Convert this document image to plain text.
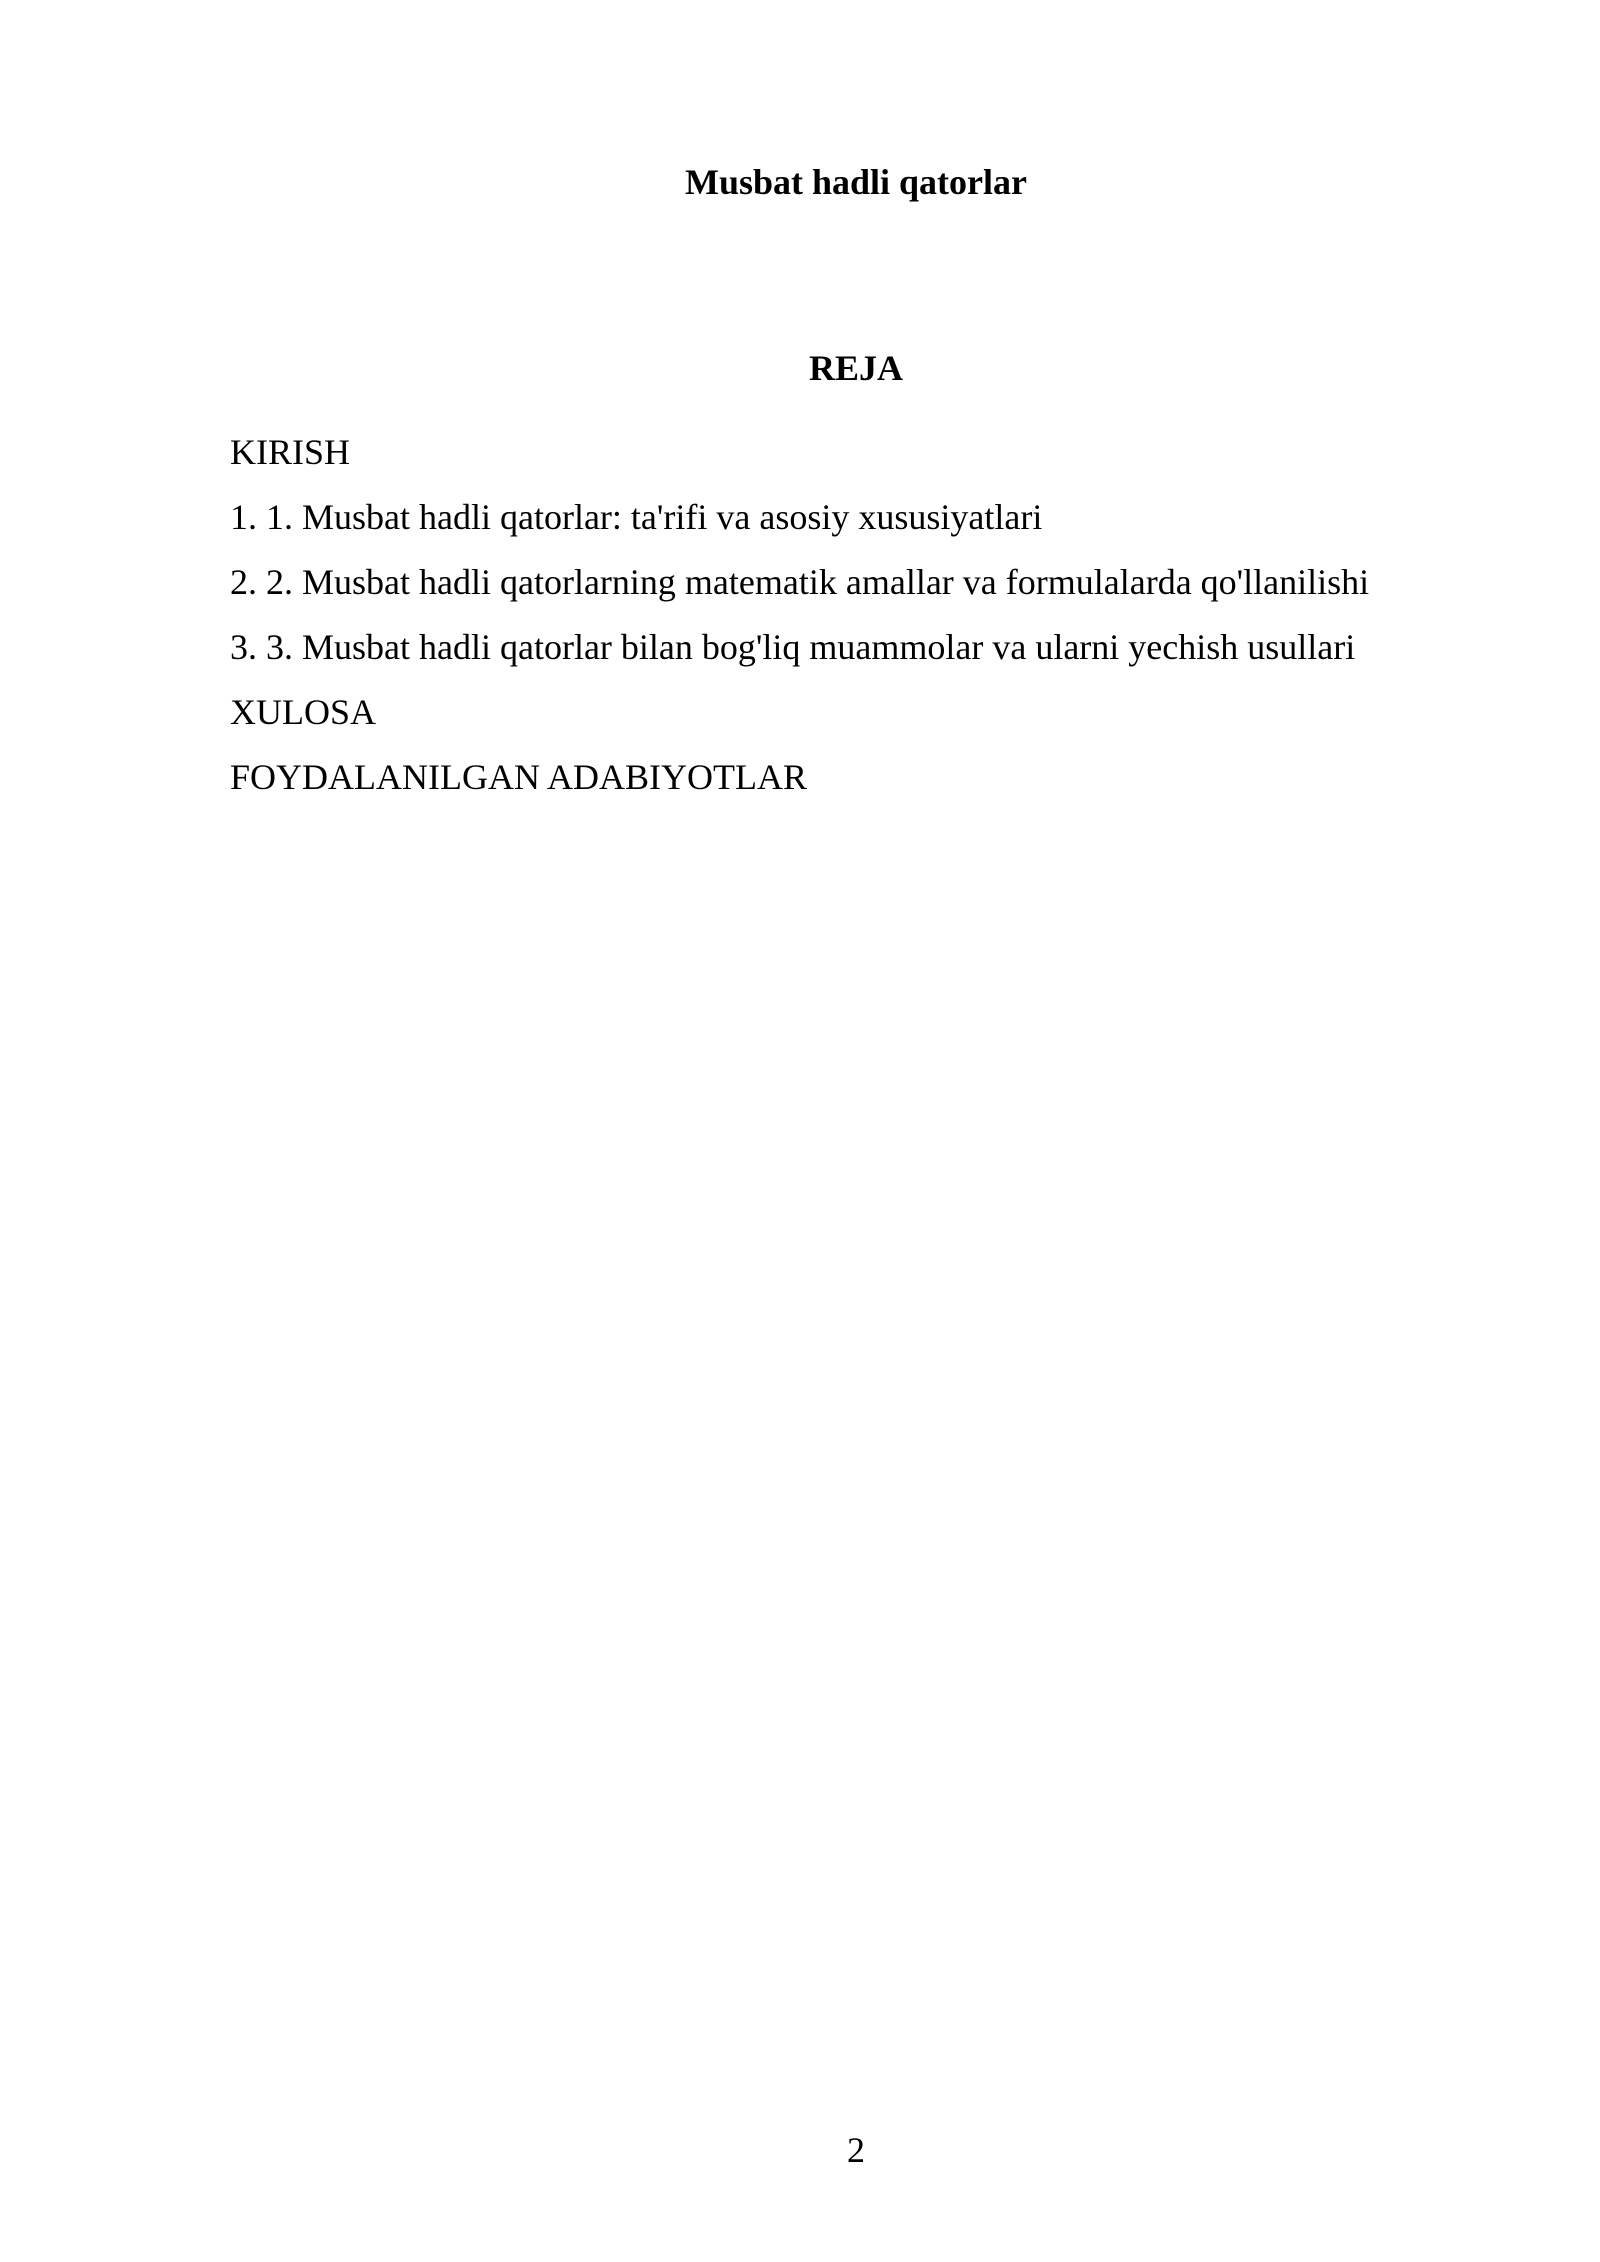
Musbat hadli qatorlar
REJA
KIRISH
1. 1. Musbat hadli qatorlar: ta'rifi va asosiy xususiyatlari
2. 2. Musbat hadli qatorlarning matematik amallar va formulalarda qo'llanilishi
3. 3. Musbat hadli qatorlar bilan bog'liq muammolar va ularni yechish usullari
XULOSA
FOYDALANILGAN ADABIYOTLAR
2
